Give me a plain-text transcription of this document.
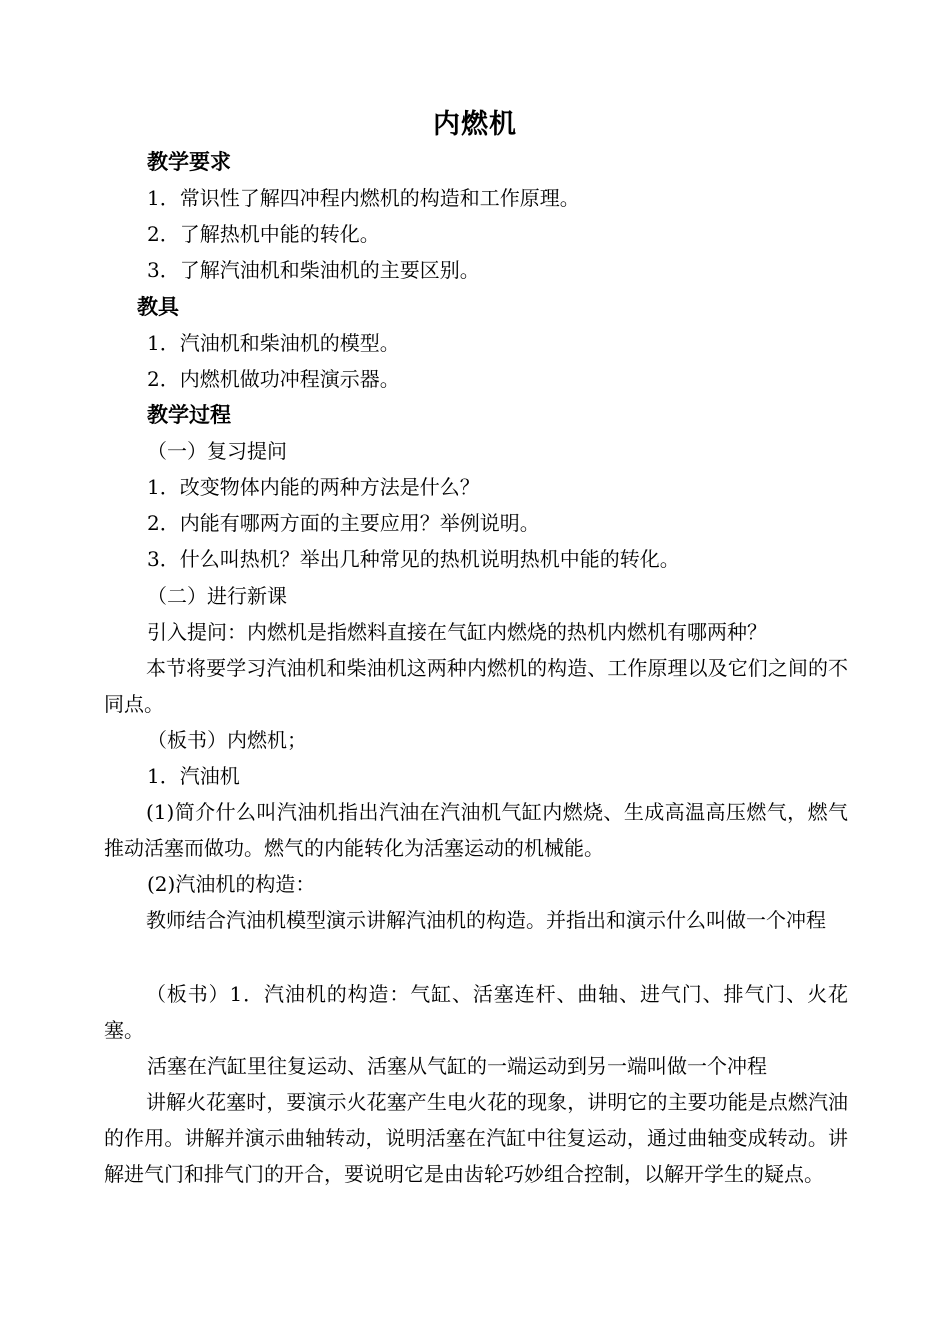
内燃机
教学要求
1．常识性了解四冲程内燃机的构造和工作原理。
2．了解热机中能的转化。
3．了解汽油机和柴油机的主要区别。
教具
1．汽油机和柴油机的模型。
2．内燃机做功冲程演示器。
教学过程
（一）复习提问
1．改变物体内能的两种方法是什么？
2．内能有哪两方面的主要应用？举例说明。
3．什么叫热机？举出几种常见的热机说明热机中能的转化。
（二）进行新课
引入提问：内燃机是指燃料直接在气缸内燃烧的热机内燃机有哪两种？
本节将要学习汽油机和柴油机这两种内燃机的构造、工作原理以及它们之间的不同点。
（板书）内燃机；
1．汽油机
(1)简介什么叫汽油机指出汽油在汽油机气缸内燃烧、生成高温高压燃气，燃气推动活塞而做功。燃气的内能转化为活塞运动的机械能。
(2)汽油机的构造：
教师结合汽油机模型演示讲解汽油机的构造。并指出和演示什么叫做一个冲程
（板书）1．汽油机的构造：气缸、活塞连杆、曲轴、进气门、排气门、火花塞。
活塞在汽缸里往复运动、活塞从气缸的一端运动到另一端叫做一个冲程
讲解火花塞时，要演示火花塞产生电火花的现象，讲明它的主要功能是点燃汽油的作用。讲解并演示曲轴转动，说明活塞在汽缸中往复运动，通过曲轴变成转动。讲解进气门和排气门的开合，要说明它是由齿轮巧妙组合控制，以解开学生的疑点。
